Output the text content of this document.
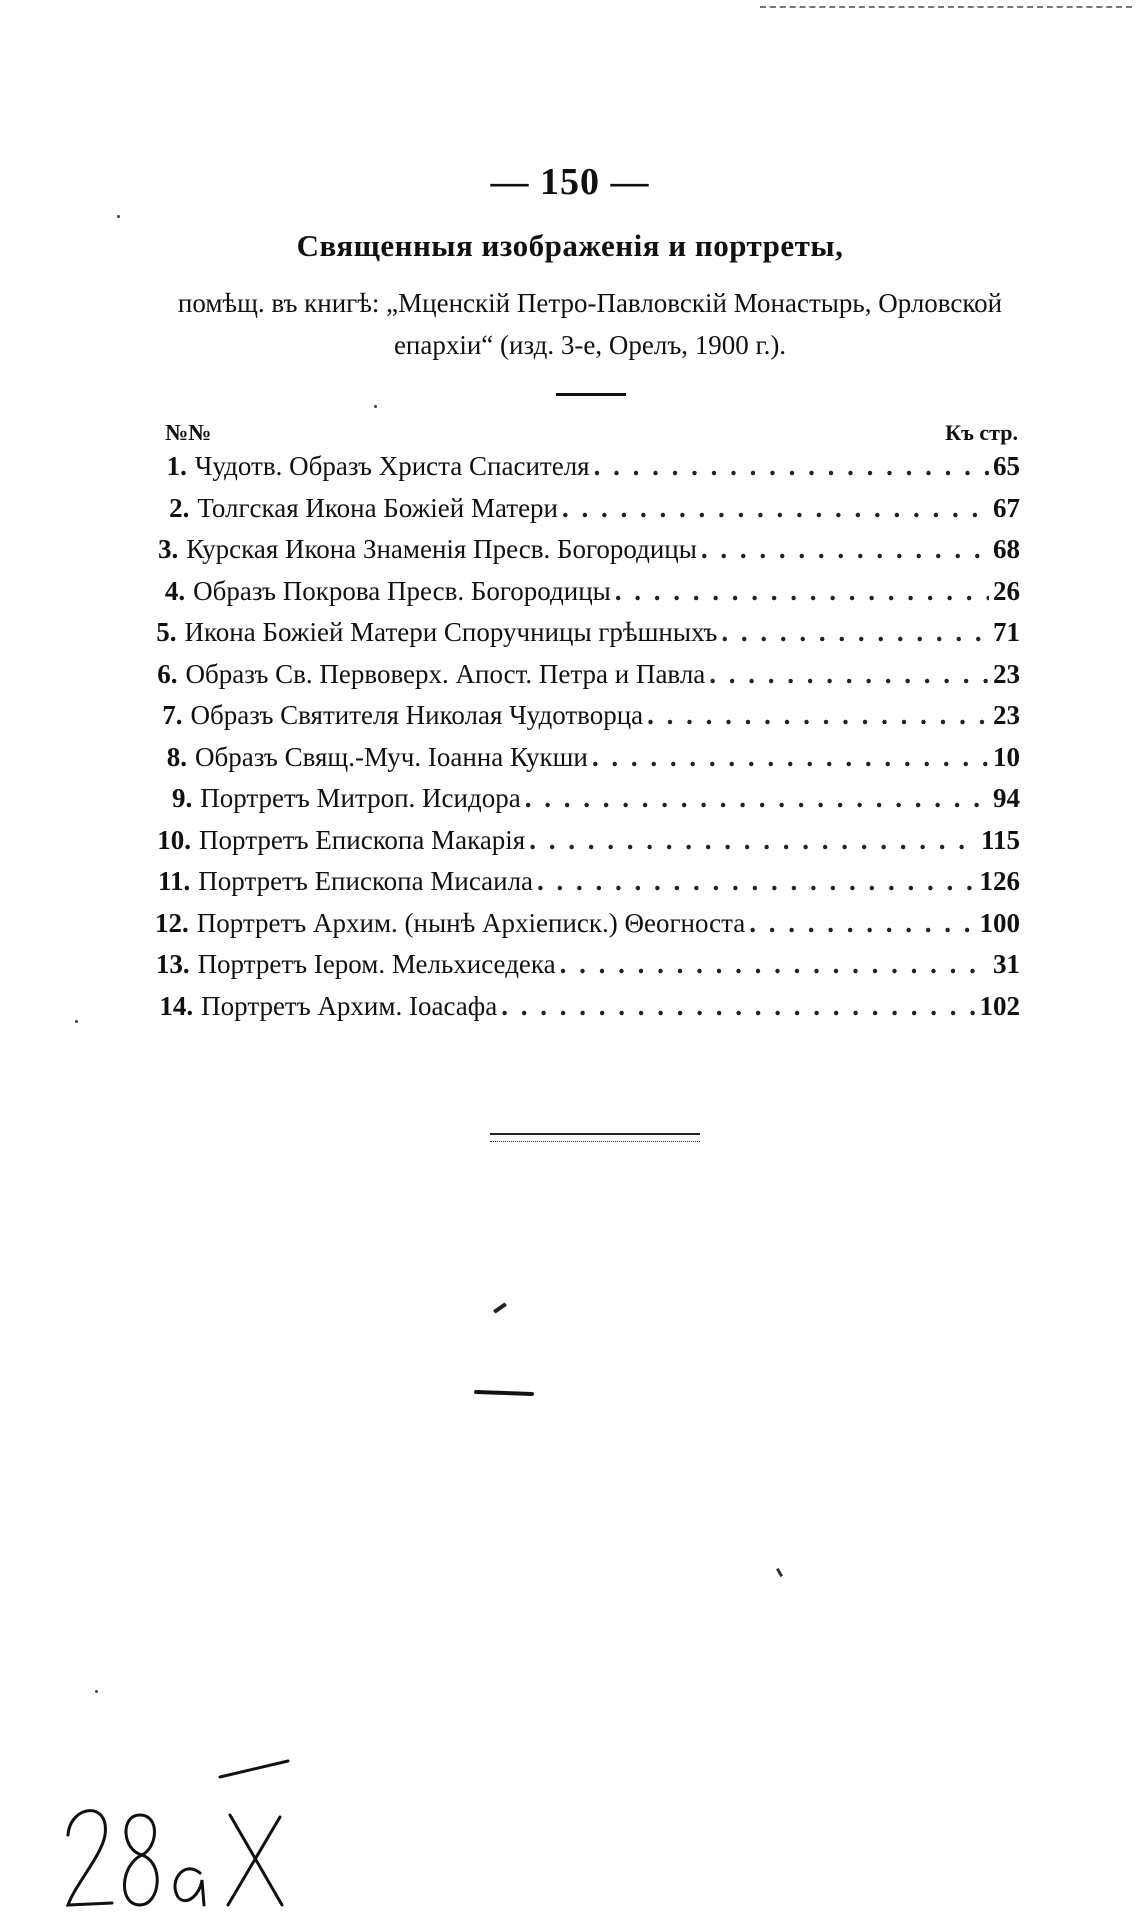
— 150 —
Священныя изображенія и портреты,
помѣщ. въ книгѣ: „Мценскій Петро-Павловскій Монастырь, Орловской
епархіи“ (изд. 3-е, Орелъ, 1900 г.).
№№	Къ стр.
1. Чудотв. Образъ Христа Спасителя . . .	65
2. Толгская Икона Божіей Матери . . .	67
3. Курская Икона Знаменія Пресв. Богородицы . . .	68
4. Образъ Покрова Пресв. Богородицы . . .	26
5. Икона Божіей Матери Споручницы грѣшныхъ . . .	71
6. Образъ Св. Первоверх. Апост. Петра и Павла . . .	23
7. Образъ Святителя Николая Чудотворца . . .	23
8. Образъ Свящ.-Муч. Іоанна Кукши . . .	10
9. Портретъ Митроп. Исидора . . .	94
10. Портретъ Епископа Макарія . . .	115
11. Портретъ Епископа Мисаила . . .	126
12. Портретъ Архим. (нынѣ Архіеписк.) Θеогноста . . .	100
13. Портретъ Іером. Мельхиседека . . .	31
14. Портретъ Архим. Іоасафа . . .	102
